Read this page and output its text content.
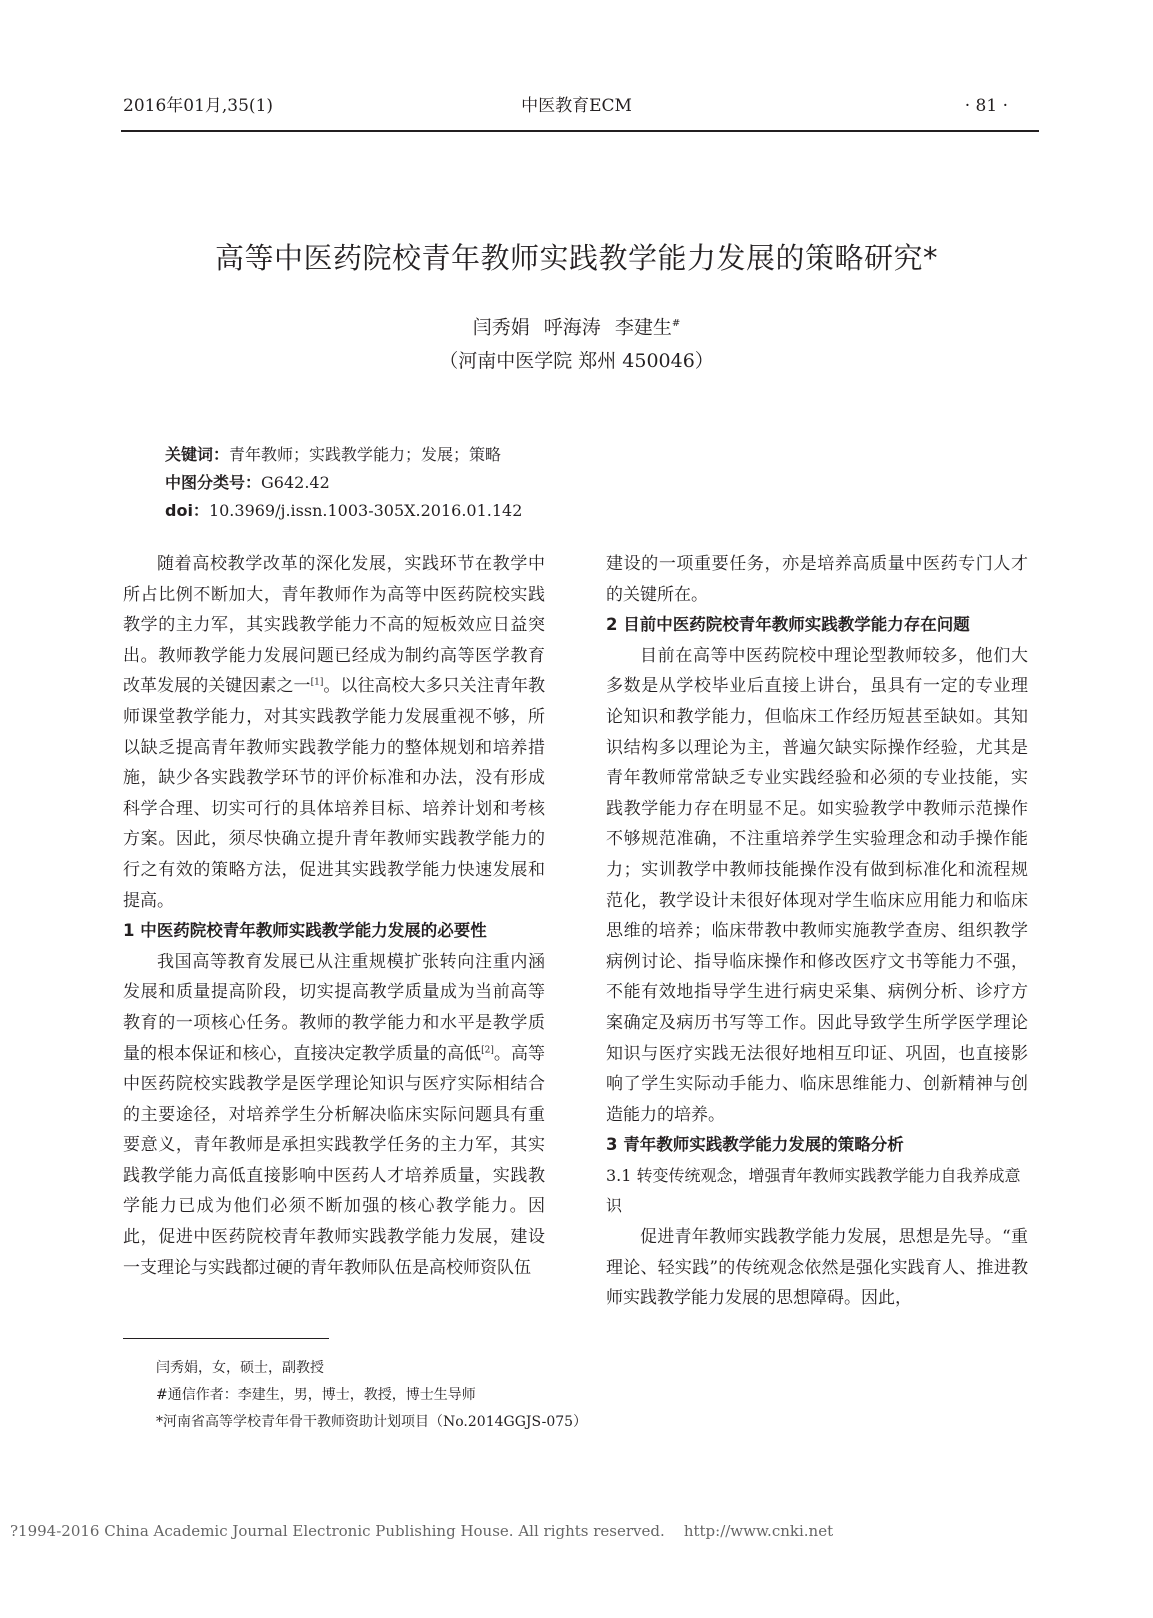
2016年01月,35(1)	中医教育ECM	· 81 ·
高等中医药院校青年教师实践教学能力发展的策略研究*
闫秀娟 呼海涛 李建生#
（河南中医学院 郑州 450046）
关键词：青年教师；实践教学能力；发展；策略
中图分类号：G642.42
doi：10.3969/j.issn.1003-305X.2016.01.142

随着高校教学改革的深化发展，实践环节在教学中所占比例不断加大，青年教师作为高等中医药院校实践教学的主力军，其实践教学能力不高的短板效应日益突出。教师教学能力发展问题已经成为制约高等医学教育改革发展的关键因素之一[1]。以往高校大多只关注青年教师课堂教学能力，对其实践教学能力发展重视不够，所以缺乏提高青年教师实践教学能力的整体规划和培养措施，缺少各实践教学环节的评价标准和办法，没有形成科学合理、切实可行的具体培养目标、培养计划和考核方案。因此，须尽快确立提升青年教师实践教学能力的行之有效的策略方法，促进其实践教学能力快速发展和提高。

1 中医药院校青年教师实践教学能力发展的必要性

我国高等教育发展已从注重规模扩张转向注重内涵发展和质量提高阶段，切实提高教学质量成为当前高等教育的一项核心任务。教师的教学能力和水平是教学质量的根本保证和核心，直接决定教学质量的高低[2]。高等中医药院校实践教学是医学理论知识与医疗实际相结合的主要途径，对培养学生分析解决临床实际问题具有重要意义，青年教师是承担实践教学任务的主力军，其实践教学能力高低直接影响中医药人才培养质量，实践教学能力已成为他们必须不断加强的核心教学能力。因此，促进中医药院校青年教师实践教学能力发展，建设一支理论与实践都过硬的青年教师队伍是高校师资队伍

建设的一项重要任务，亦是培养高质量中医药专门人才的关键所在。

2 目前中医药院校青年教师实践教学能力存在问题

目前在高等中医药院校中理论型教师较多，他们大多数是从学校毕业后直接上讲台，虽具有一定的专业理论知识和教学能力，但临床工作经历短甚至缺如。其知识结构多以理论为主，普遍欠缺实际操作经验，尤其是青年教师常常缺乏专业实践经验和必须的专业技能，实践教学能力存在明显不足。如实验教学中教师示范操作不够规范准确，不注重培养学生实验理念和动手操作能力；实训教学中教师技能操作没有做到标准化和流程规范化，教学设计未很好体现对学生临床应用能力和临床思维的培养；临床带教中教师实施教学查房、组织教学病例讨论、指导临床操作和修改医疗文书等能力不强，不能有效地指导学生进行病史采集、病例分析、诊疗方案确定及病历书写等工作。因此导致学生所学医学理论知识与医疗实践无法很好地相互印证、巩固，也直接影响了学生实际动手能力、临床思维能力、创新精神与创造能力的培养。

3 青年教师实践教学能力发展的策略分析
3.1 转变传统观念，增强青年教师实践教学能力自我养成意识

促进青年教师实践教学能力发展，思想是先导。“重理论、轻实践”的传统观念依然是强化实践育人、推进教师实践教学能力发展的思想障碍。因此，

闫秀娟，女，硕士，副教授
#通信作者：李建生，男，博士，教授，博士生导师
*河南省高等学校青年骨干教师资助计划项目（No.2014GGJS-075）
?1994-2016 China Academic Journal Electronic Publishing House. All rights reserved.    http://www.cnki.net
